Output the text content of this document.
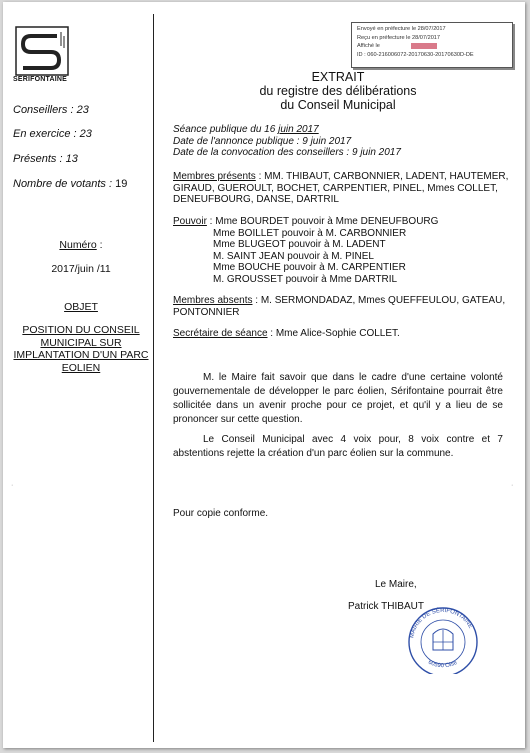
SÉRIFONTAINE
Conseillers : 23
En exercice : 23
Présents : 13
Nombre de votants : 19
Numéro :
2017/juin /11
OBJET
POSITION DU CONSEIL MUNICIPAL SUR IMPLANTATION D'UN PARC EOLIEN
Envoyé en préfecture le 28/07/2017
Reçu en préfecture le 28/07/2017
Affiché le
ID : 060-216006072-20170630-20170630D-DE
EXTRAIT
du registre des délibérations
du Conseil Municipal
Séance publique du 16 juin 2017
Date de l'annonce publique : 9 juin 2017
Date de la convocation des conseillers : 9 juin 2017
Membres présents : MM. THIBAUT, CARBONNIER, LADENT, HAUTEMER,
GIRAUD, GUEROULT, BOCHET, CARPENTIER, PINEL, Mmes COLLET,
DENEUFBOURG, DANSE, DARTRIL
Pouvoir : Mme BOURDET pouvoir à Mme DENEUFBOURG
Mme BOILLET pouvoir à M. CARBONNIER
Mme BLUGEOT pouvoir à M. LADENT
M. SAINT JEAN pouvoir à M. PINEL
Mme BOUCHE pouvoir à M. CARPENTIER
M. GROUSSET pouvoir à Mme DARTRIL
Membres absents : M. SERMONDADAZ, Mmes QUEFFEULOU, GATEAU,
PONTONNIER
Secrétaire de séance : Mme Alice-Sophie COLLET.
M. le Maire fait savoir que dans le cadre d'une certaine volonté gouvernementale de développer le parc éolien, Sérifontaine pourrait être sollicitée dans un avenir proche pour ce projet, et qu'il y a lieu de se prononcer sur cette question.
Le Conseil Municipal avec 4 voix pour, 8 voix contre et 7 abstentions rejette la création d'un parc éolien sur la commune.
Pour copie conforme.
·	·
Le Maire,
Patrick THIBAUT
MAIRIE DE SÉRIFONTAINE
60590 Oise
